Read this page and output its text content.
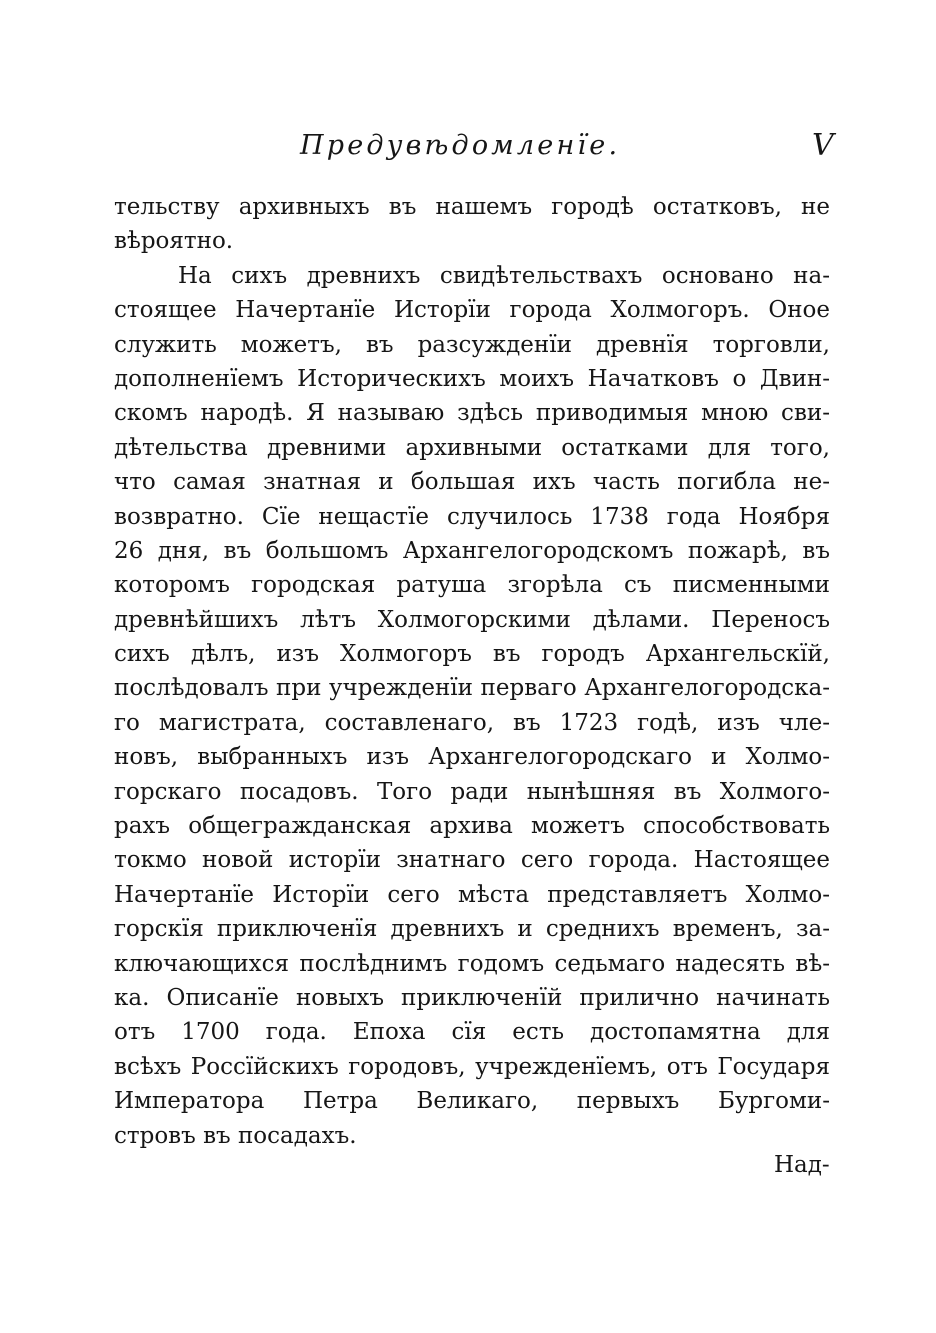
Предувѣдомленїе.	V
тельству архивныхъ въ нашемъ городѣ остатковъ, не
вѣроятно.
На сихъ древнихъ свидѣтельствахъ основано на-
стоящее Начертанїе Исторїи города Холмогоръ. Оное
служить можетъ, въ разсужденїи древнїя торговли,
дополненїемъ Историческихъ моихъ Начатковъ о Двин-
скомъ народѣ. Я называю здѣсь приводимыя мною сви-
дѣтельства древними архивными остатками для того,
что самая знатная и большая ихъ часть погибла не-
возвратно. Сїе нещастїе случилось 1738 года Ноября
26 дня, въ большомъ Архангелогородскомъ пожарѣ, въ
которомъ городская ратуша згорѣла съ писменными
древнѣйшихъ лѣтъ Холмогорскими дѣлами. Переносъ
сихъ дѣлъ, изъ Холмогоръ въ городъ Архангельскїй,
послѣдовалъ при учрежденїи перваго Архангелогородска-
го магистрата, составленаго, въ 1723 годѣ, изъ чле-
новъ, выбранныхъ изъ Архангелогородскаго и Холмо-
горскаго посадовъ. Того ради нынѣшняя въ Холмого-
рахъ общегражданская архива можетъ способствовать
токмо новой исторїи знатнаго сего города. Настоящее
Начертанїе Исторїи сего мѣста представляетъ Холмо-
горскїя приключенїя древнихъ и среднихъ временъ, за-
ключающихся послѣднимъ годомъ седьмаго надесять вѣ-
ка. Описанїе новыхъ приключенїй прилично начинать
отъ 1700 года. Епоха сїя есть достопамятна для
всѣхъ Россїйскихъ городовъ, учрежденїемъ, отъ Государя
Императора Петра Великаго, первыхъ Бургоми-
стровъ въ посадахъ.
Над-
